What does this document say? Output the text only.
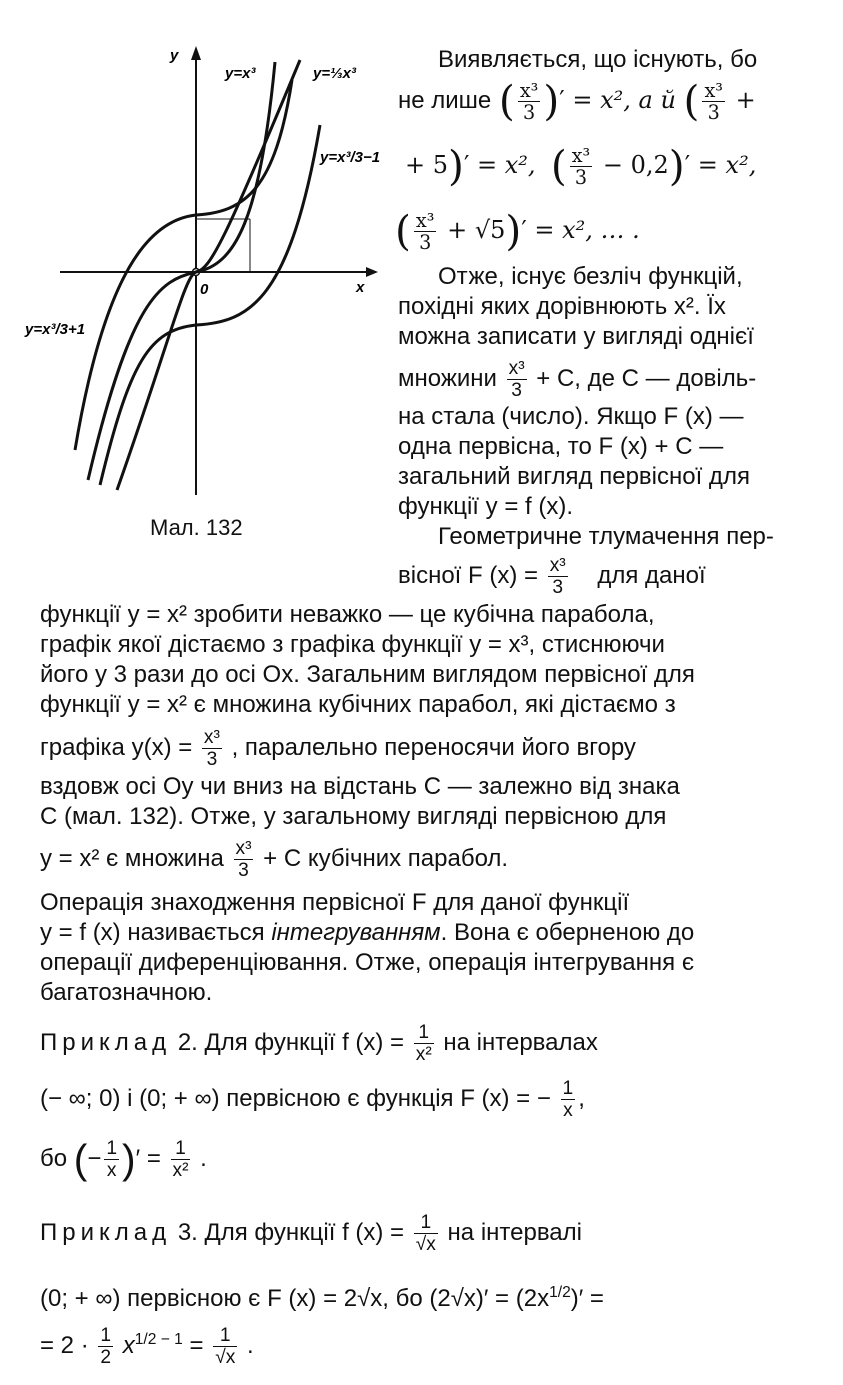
y
x
0
y=x³	y=⅓x³
y=x³/3−1
y=x³/3+1
Мал. 132
Виявляється, що існують, бо
не лише ( $\frac{\text{x³}}{3}$ )′ = x², а й ( $\frac{\text{x³}}{3}$ +
+ 5)′ = x², ( $\frac{\text{x³}}{3} - 0,2)' = x^2$,
( $\frac{\text{x³}}{3} + √5)' = x^2$, … .
Отже, існує безліч функцій,
похідні яких дорівнюють x². Їх
можна записати у вигляді однієї
множини $\frac{\text{x³}}{3} + C$, де C — довіль-
на стала (число). Якщо F (x) —
одна первісна, то F (x) + C —
загальний вигляд первісної для
функції y = f (x).
Геометричне тлумачення пер-
вісної F $(x) = \frac{\text{x³}}{3}$ для даної
функції y = x² зробити неважко — це кубічна парабола,
графік якої дістаємо з графіка функції y = x³, стиснюючи
його у 3 рази до осі Ox. Загальним виглядом первісної для
функції y = x² є множина кубічних парабол, які дістаємо з
графіка $y(x) = \frac{\text{x³}}{3}$ , паралельно переносячи його вгору
вздовж осі Oy чи вниз на відстань C — залежно від знака
C (мал. 132). Отже, у загальному вигляді первісною для
y = x² є множина $\frac{\text{x³}}{3} + C$ кубічних парабол.
Операція знаходження первісної F для даної функції
y = f (x) називається інтегруванням. Вона є оберненою до
операції диференціювання. Отже, операція інтегрування є
багатозначною.
Приклад 2. Для функції f $(x) = \frac{1}{\text{x²}}$ на інтервалах
(− ∞; 0) і (0; + ∞) первісною є функція F (x) = − $\frac{1}{x}$ ,
бо (− $\frac{1}{x}$ )′ = $\frac{1}{\text{x²}}$ .
Приклад 3. Для функції f $(x) = \frac{1}{√x}$ на інтервалі
(0; + ∞) первісною є F (x) = 2√x, бо $(2√x)' = (2x^{1/2})'$ =
= $2 \cdot \frac{1}{2} x^{1/2 - 1} = \frac{1}{√x}$ .
